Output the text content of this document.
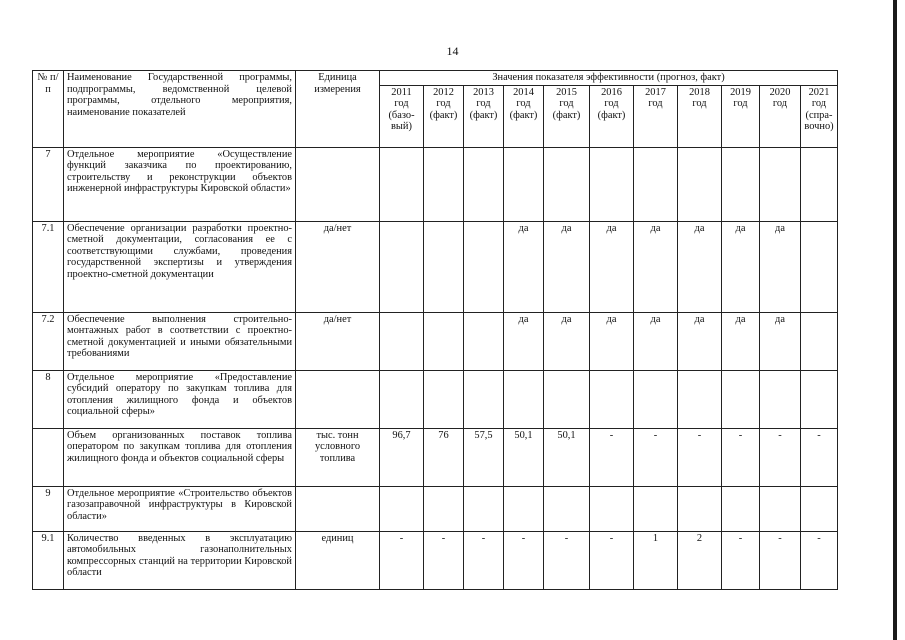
14
№ п/п	Наименование Государственной программы, подпрограммы, ведомственной целевой программы, отдельного мероприятия, наименование показателей	Единица измерения	Значения показателя эффективности (прогноз, факт)										

			2011
год
(базо-
вый)	2012
год
(факт)	2013
год
(факт)	2014
год
(факт)	2015
год
(факт)	2016
год
(факт)	2017
год	2018
год	2019
год	2020
год	2021
год
(спра-
вочно)

7	Отдельное мероприятие «Осуществление функций заказчика по проектированию, строительству и реконструкции объектов инженерной инфраструктуры Кировской области»												
7.1	Обеспечение организации разработки проектно-сметной документации, согласования ее с соответствующими службами, проведения государственной экспертизы и утверждения проектно-сметной документации	да/нет				да	да	да	да	да	да	да	
7.2	Обеспечение выполнения строительно-монтажных работ в соответствии с проектно-сметной документацией и иными обязательными требованиями	да/нет				да	да	да	да	да	да	да	
8	Отдельное мероприятие «Предоставление субсидий оператору по закупкам топлива для отопления жилищного фонда и объектов социальной сферы»												
	Объем организованных поставок топлива оператором по закупкам топлива для отопления жилищного фонда и объектов социальной сферы	тыс. тонн условного топлива	96,7	76	57,5	50,1	50,1	-	-	-	-	-	-
9	Отдельное мероприятие «Строительство объектов газозаправочной инфраструктуры в Кировской области»												
9.1	Количество введенных в эксплуатацию автомобильных газонаполнительных компрессорных станций на территории Кировской области	единиц	-	-	-	-	-	-	1	2	-	-	-
